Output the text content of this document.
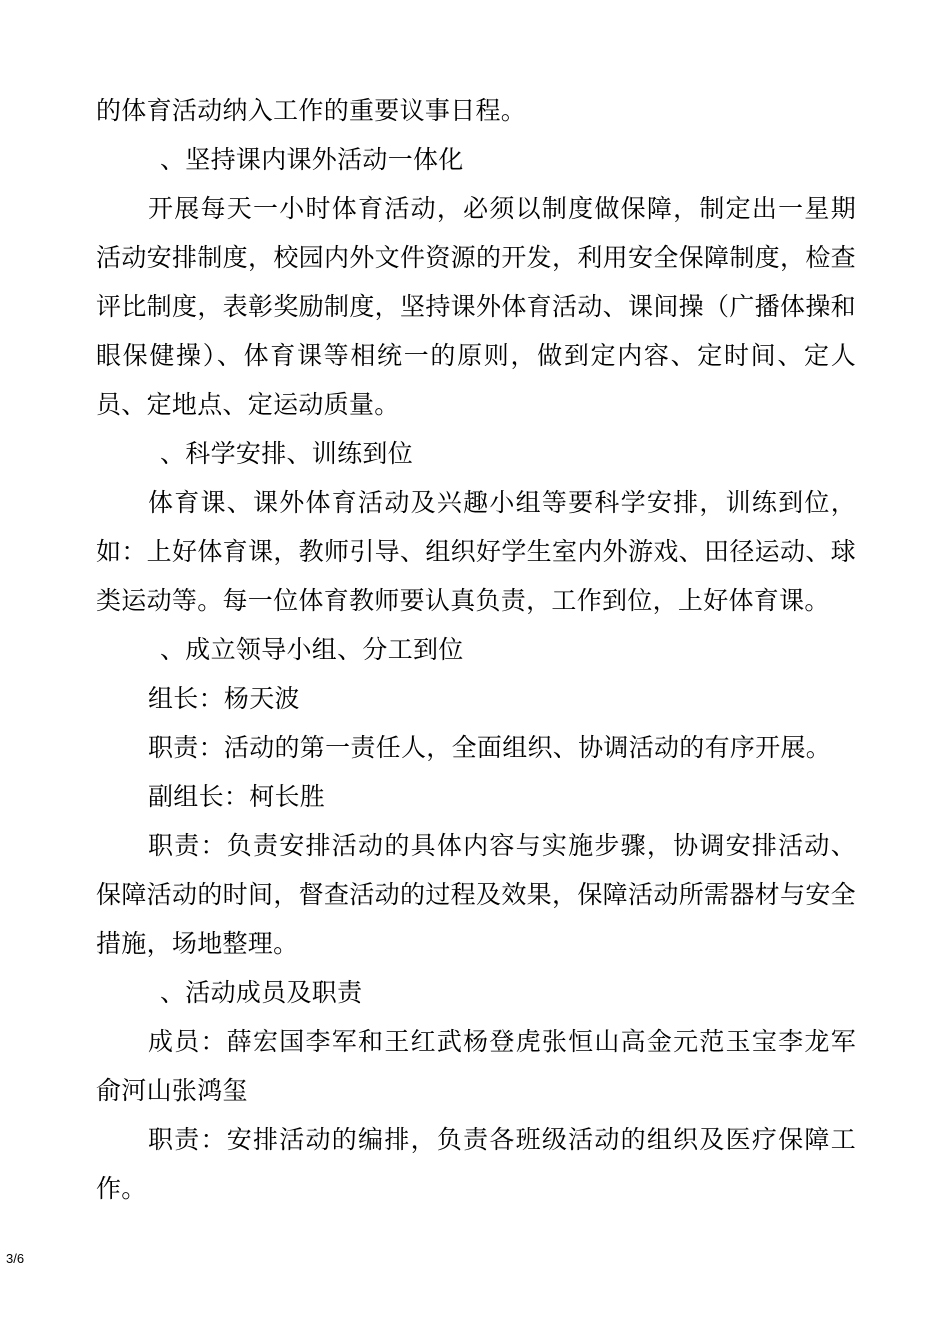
的体育活动纳入工作的重要议事日程。

、坚持课内课外活动一体化

开展每天一小时体育活动，必须以制度做保障，制定出一星期活动安排制度，校园内外文件资源的开发，利用安全保障制度，检查评比制度，表彰奖励制度，坚持课外体育活动、课间操（广播体操和眼保健操）、体育课等相统一的原则，做到定内容、定时间、定人员、定地点、定运动质量。

、科学安排、训练到位

体育课、课外体育活动及兴趣小组等要科学安排，训练到位，如：上好体育课，教师引导、组织好学生室内外游戏、田径运动、球类运动等。每一位体育教师要认真负责，工作到位，上好体育课。

、成立领导小组、分工到位

组长：杨天波

职责：活动的第一责任人，全面组织、协调活动的有序开展。

副组长：柯长胜

职责：负责安排活动的具体内容与实施步骤，协调安排活动、保障活动的时间，督查活动的过程及效果，保障活动所需器材与安全措施，场地整理。

、活动成员及职责

成员：薛宏国李军和王红武杨登虎张恒山高金元范玉宝李龙军俞河山张鸿玺

职责：安排活动的编排，负责各班级活动的组织及医疗保障工作。

3/6
